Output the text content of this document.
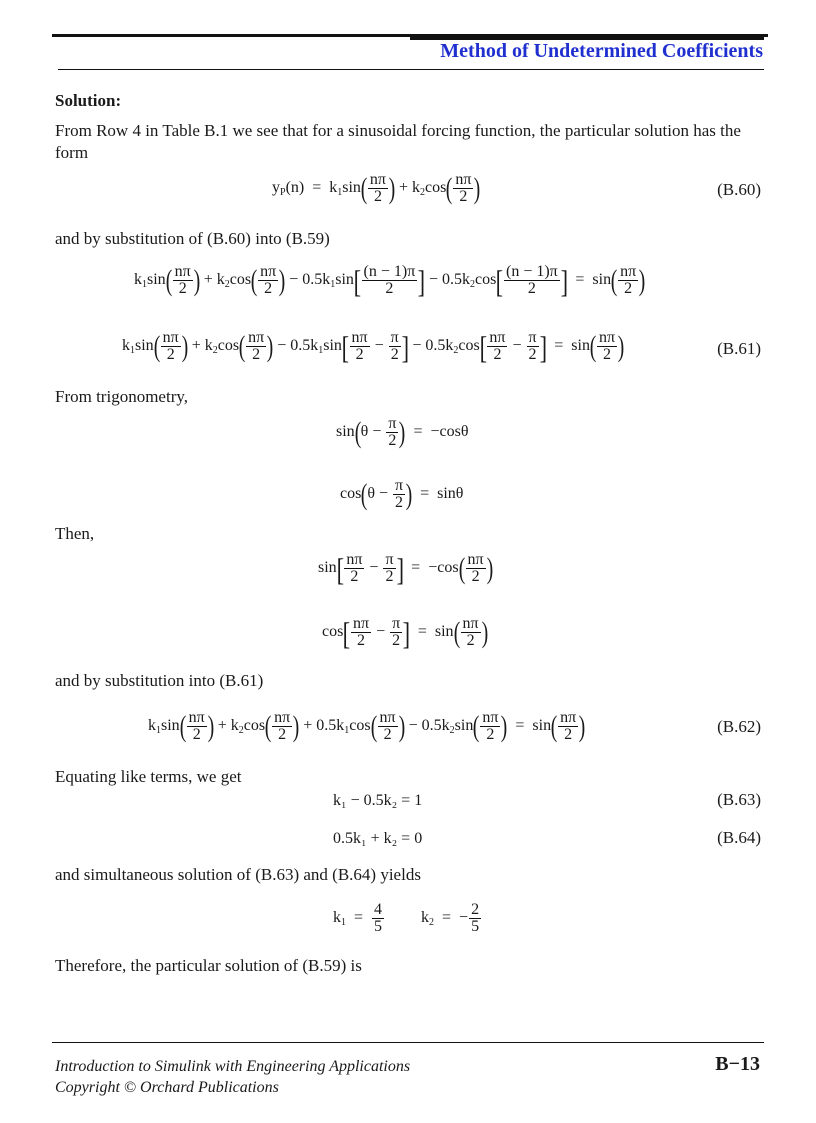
Method of Undetermined Coefficients
Solution:
From Row 4 in Table B.1 we see that for a sinusoidal forcing function, the particular solution has the form
$y_P(n) = k_1\sin( \frac{n\pi}{2}$ ) + $k_2\cos( \frac{n\pi}{2}$ )	(B.60)
and by substitution of (B.60) into (B.59)
$k_1\sin( \frac{n\pi}{2}$ ) + $k_2\cos( \frac{n\pi}{2}$ ) − $0.5k_1\sin[ \frac{(n - 1)\pi}{2}$ ] − $0.5k_2\cos[ \frac{(n - 1)\pi}{2}$ ]  =  $\sin( \frac{n\pi}{2}$ )
$k_1\sin( \frac{n\pi}{2}$ ) + $k_2\cos( \frac{n\pi}{2}$ ) − $0.5k_1\sin[ \frac{n\pi}{2} - \frac{\pi}{2}$ ] − $0.5k_2\cos[ \frac{n\pi}{2} - \frac{\pi}{2}$ ]  =  $\sin( \frac{n\pi}{2}$ )	(B.61)
From trigonometry,
$\sin(\theta - \frac{\pi}{2}$ )  =  −cosθ
$\cos(\theta - \frac{\pi}{2}$ )  =  sinθ
Then,
$\sin[ \frac{n\pi}{2} - \frac{\pi}{2}$ ]  =  $-\cos( \frac{n\pi}{2}$ )
$\cos[ \frac{n\pi}{2} - \frac{\pi}{2}$ ]  =  $\sin( \frac{n\pi}{2}$ )
and by substitution into (B.61)
$k_1\sin( \frac{n\pi}{2}$ ) + $k_2\cos( \frac{n\pi}{2}$ ) + $0.5k_1\cos( \frac{n\pi}{2}$ ) − $0.5k_2\sin( \frac{n\pi}{2}$ )  =  $\sin( \frac{n\pi}{2}$ )	(B.62)
Equating like terms, we get
k₁ − 0.5k₂ = 1	(B.63)
0.5k₁ + k₂ = 0	(B.64)
and simultaneous solution of (B.63) and (B.64) yields
$k_1 = \frac{4}{5} k_2$  =  − $\frac{2}{5}$
Therefore, the particular solution of (B.59) is
Introduction to Simulink with Engineering Applications
Copyright © Orchard Publications
B−13
